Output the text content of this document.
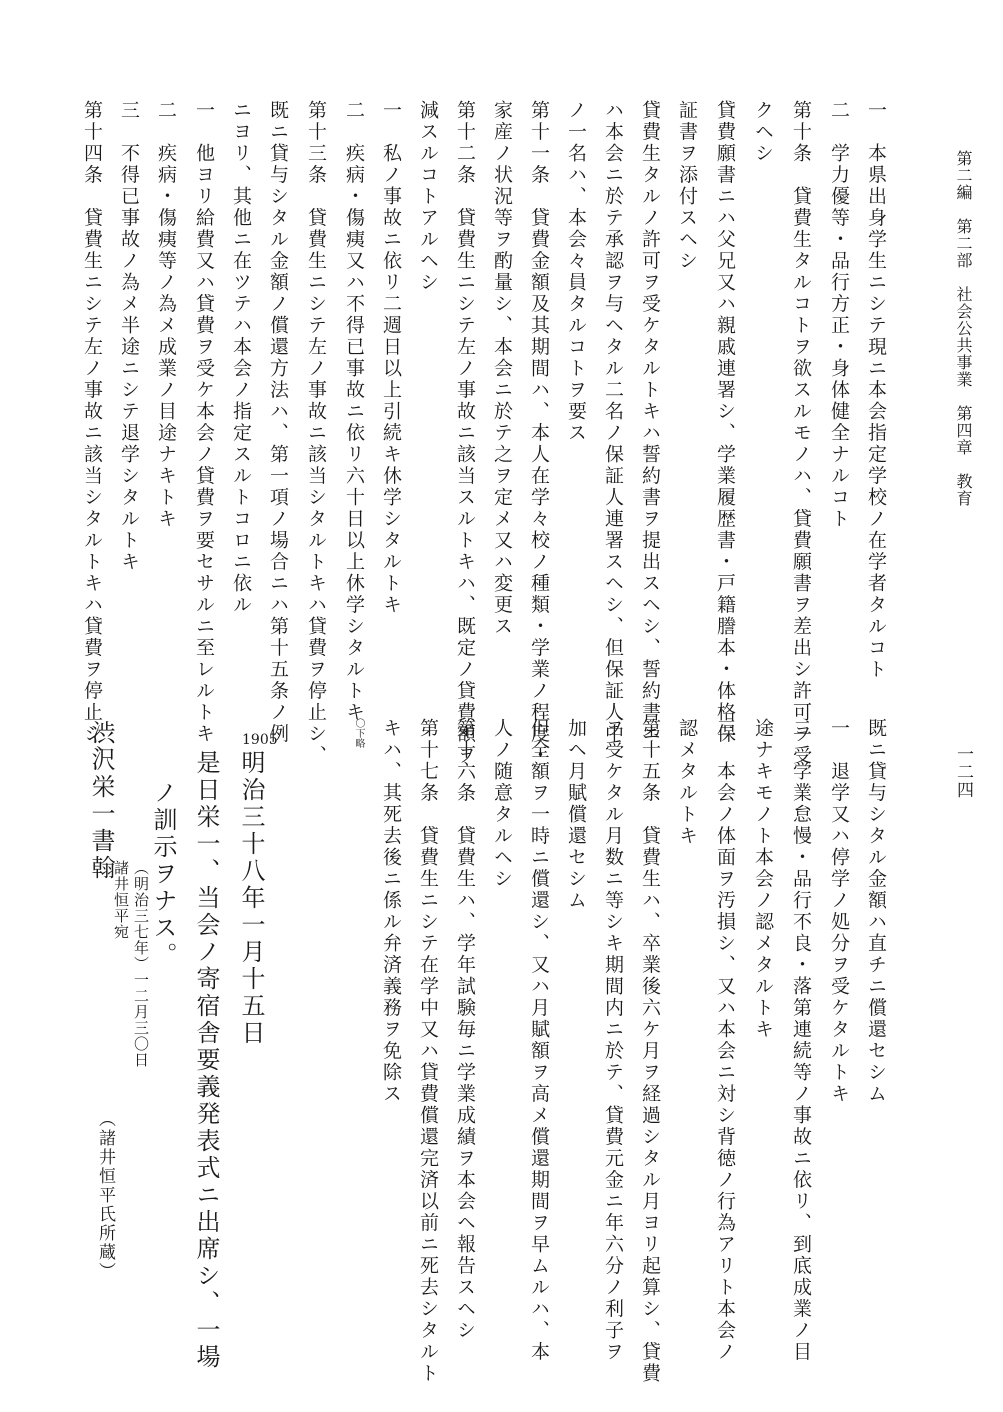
第二編　第二部　社会公共事業　第四章　教育
一二四
一　本県出身学生ニシテ現ニ本会指定学校ノ在学者タルコト
二　学力優等・品行方正・身体健全ナルコト
第十条　貸費生タルコトヲ欲スルモノハ、貸費願書ヲ差出シ許可ヲ受
クヘシ
貸費願書ニハ父兄又ハ親戚連署シ、学業履歴書・戸籍謄本・体格保
証書ヲ添付スヘシ
貸費生タルノ許可ヲ受ケタルトキハ誓約書ヲ提出スヘシ、誓約書ニ
ハ本会ニ於テ承認ヲ与ヘタル二名ノ保証人連署スヘシ、但保証人中
ノ一名ハ、本会々員タルコトヲ要ス
第十一条　貸費金額及其期間ハ、本人在学々校ノ種類・学業ノ程度・
家産ノ状況等ヲ酌量シ、本会ニ於テ之ヲ定メ又ハ変更ス
第十二条　貸費生ニシテ左ノ事故ニ該当スルトキハ、既定ノ貸費額ヲ
減スルコトアルヘシ
一　私ノ事故ニ依リ二週日以上引続キ休学シタルトキ
二　疾病・傷痍又ハ不得已事故ニ依リ六十日以上休学シタルトキ
第十三条　貸費生ニシテ左ノ事故ニ該当シタルトキハ貸費ヲ停止シ、
既ニ貸与シタル金額ノ償還方法ハ、第一項ノ場合ニハ第十五条ノ例
ニヨリ、其他ニ在ツテハ本会ノ指定スルトコロニ依ル
一　他ヨリ給費又ハ貸費ヲ受ケ本会ノ貸費ヲ要セサルニ至レルトキ
二　疾病・傷痍等ノ為メ成業ノ目途ナキトキ
三　不得已事故ノ為メ半途ニシテ退学シタルトキ
第十四条　貸費生ニシテ左ノ事故ニ該当シタルトキハ貸費ヲ停止シ、
既ニ貸与シタル金額ハ直チニ償還セシム
一　退学又ハ停学ノ処分ヲ受ケタルトキ
二　学業怠慢・品行不良・落第連続等ノ事故ニ依リ、到底成業ノ目
途ナキモノト本会ノ認メタルトキ
三　本会ノ体面ヲ汚損シ、又ハ本会ニ対シ背徳ノ行為アリト本会ノ
認メタルトキ
第十五条　貸費生ハ、卒業後六ケ月ヲ経過シタル月ヨリ起算シ、貸費
ヲ受ケタル月数ニ等シキ期間内ニ於テ、貸費元金ニ年六分ノ利子ヲ
加ヘ月賦償還セシム
但全額ヲ一時ニ償還シ、又ハ月賦額ヲ高メ償還期間ヲ早ムルハ、本
人ノ随意タルヘシ
第十六条　貸費生ハ、学年試験毎ニ学業成績ヲ本会ヘ報告スヘシ
第十七条　貸費生ニシテ在学中又ハ貸費償還完済以前ニ死去シタルト
キハ、其死去後ニ係ル弁済義務ヲ免除ス
〇下略
1905
明治三十八年一月十五日
是日栄一、当会ノ寄宿舎要義発表式ニ出席シ、一場
ノ訓示ヲナス。
渋沢栄一書翰
諸井恒平宛 （明治三七年）一二月三〇日
（諸井恒平氏所蔵）
